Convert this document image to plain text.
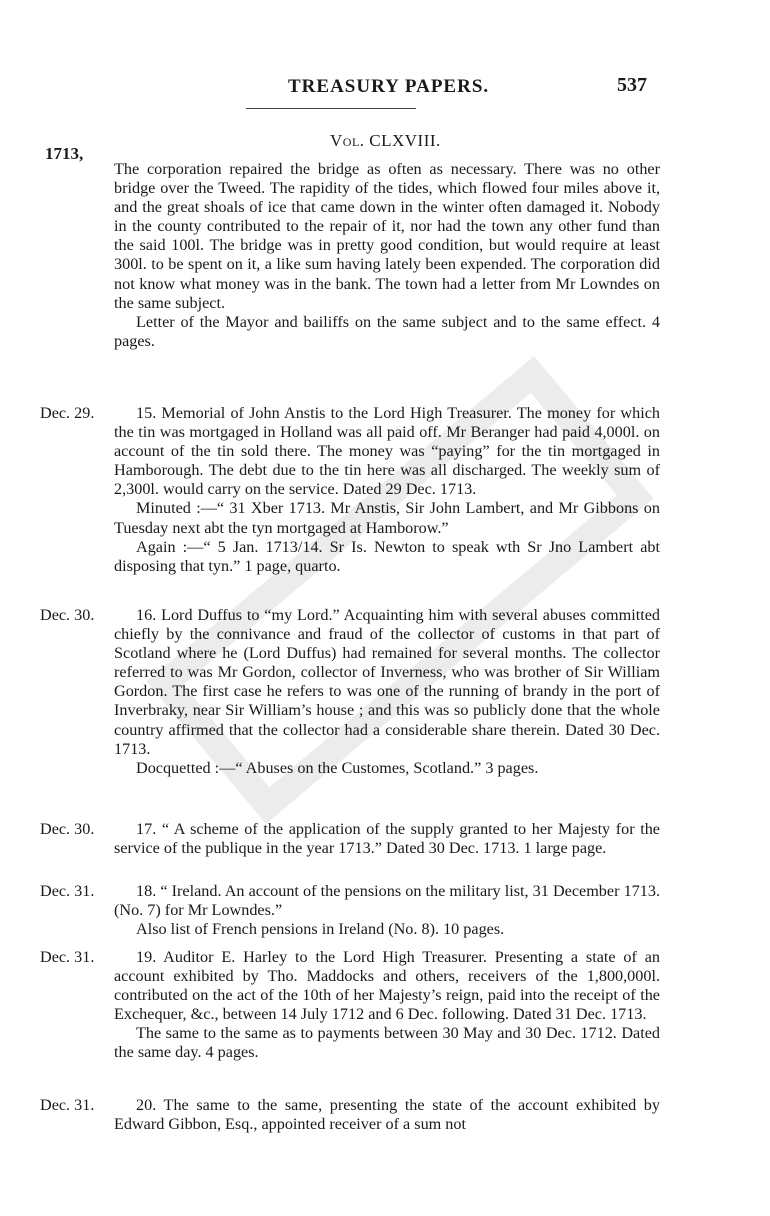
TREASURY PAPERS.	537
Vol. CLXVIII.
1713,

The corporation repaired the bridge as often as necessary. There was no other bridge over the Tweed. The rapidity of the tides, which flowed four miles above it, and the great shoals of ice that came down in the winter often damaged it. Nobody in the county contributed to the repair of it, nor had the town any other fund than the said 100l. The bridge was in pretty good condition, but would require at least 300l. to be spent on it, a like sum having lately been expended. The corporation did not know what money was in the bank. The town had a letter from Mr Lowndes on the same subject.

Letter of the Mayor and bailiffs on the same subject and to the same effect. 4 pages.

Dec. 29.	15. Memorial of John Anstis to the Lord High Treasurer. The money for which the tin was mortgaged in Holland was all paid off. Mr Beranger had paid 4,000l. on account of the tin sold there. The money was “paying” for the tin mortgaged in Hamborough. The debt due to the tin here was all discharged. The weekly sum of 2,300l. would carry on the service. Dated 29 Dec. 1713.

Minuted :—“ 31 Xber 1713. Mr Anstis, Sir John Lambert, and Mr Gibbons on Tuesday next abt the tyn mortgaged at Hamborow.”

Again :—“ 5 Jan. 1713/14. Sr Is. Newton to speak wth Sr Jno Lambert abt disposing that tyn.” 1 page, quarto.

Dec. 30.	16. Lord Duffus to “my Lord.” Acquainting him with several abuses committed chiefly by the connivance and fraud of the collector of customs in that part of Scotland where he (Lord Duffus) had remained for several months. The collector referred to was Mr Gordon, collector of Inverness, who was brother of Sir William Gordon. The first case he refers to was one of the running of brandy in the port of Inverbraky, near Sir William’s house ; and this was so publicly done that the whole country affirmed that the collector had a considerable share therein. Dated 30 Dec. 1713.

Docquetted :—“ Abuses on the Customes, Scotland.” 3 pages.

Dec. 30.	17. “ A scheme of the application of the supply granted to her Majesty for the service of the publique in the year 1713.” Dated 30 Dec. 1713. 1 large page.

Dec. 31.	18. “ Ireland. An account of the pensions on the military list, 31 December 1713. (No. 7) for Mr Lowndes.”

Also list of French pensions in Ireland (No. 8). 10 pages.

Dec. 31.	19. Auditor E. Harley to the Lord High Treasurer. Presenting a state of an account exhibited by Tho. Maddocks and others, receivers of the 1,800,000l. contributed on the act of the 10th of her Majesty’s reign, paid into the receipt of the Exchequer, &c., between 14 July 1712 and 6 Dec. following. Dated 31 Dec. 1713.

The same to the same as to payments between 30 May and 30 Dec. 1712. Dated the same day. 4 pages.

Dec. 31.	20. The same to the same, presenting the state of the account exhibited by Edward Gibbon, Esq., appointed receiver of a sum not
